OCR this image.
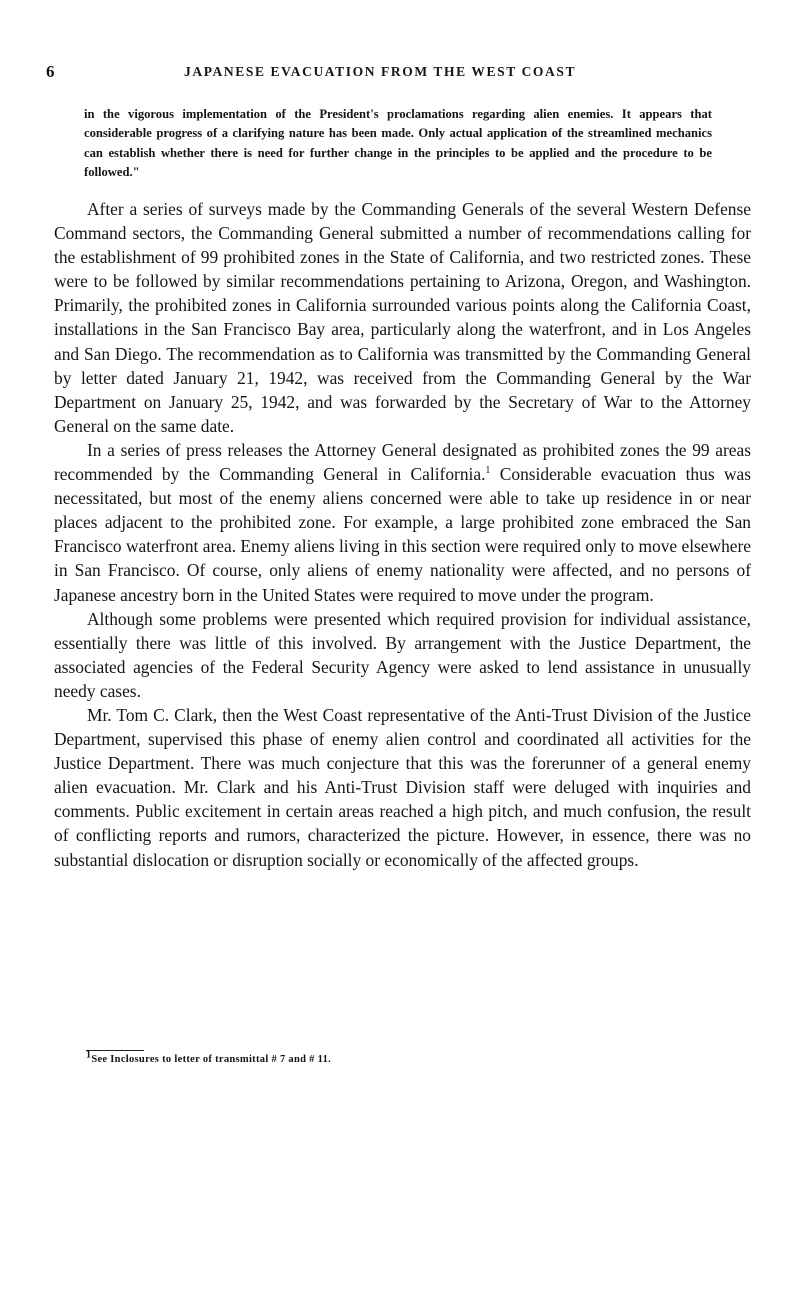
6	JAPANESE EVACUATION FROM THE WEST COAST

in the vigorous implementation of the President's proclamations regarding alien enemies. It appears that considerable progress of a clarifying nature has been made. Only actual application of the streamlined mechanics can establish whether there is need for further change in the principles to be applied and the procedure to be followed."

After a series of surveys made by the Commanding Generals of the several Western Defense Command sectors, the Commanding General submitted a number of recommendations calling for the establishment of 99 prohibited zones in the State of California, and two restricted zones. These were to be followed by similar recommendations pertaining to Arizona, Oregon, and Washington. Primarily, the prohibited zones in California surrounded various points along the California Coast, installations in the San Francisco Bay area, particularly along the waterfront, and in Los Angeles and San Diego. The recommendation as to California was transmitted by the Commanding General by letter dated January 21, 1942, was received from the Commanding General by the War Department on January 25, 1942, and was forwarded by the Secretary of War to the Attorney General on the same date.

In a series of press releases the Attorney General designated as prohibited zones the 99 areas recommended by the Commanding General in California.$^1$ Considerable evacuation thus was necessitated, but most of the enemy aliens concerned were able to take up residence in or near places adjacent to the prohibited zone. For example, a large prohibited zone embraced the San Francisco waterfront area. Enemy aliens living in this section were required only to move elsewhere in San Francisco. Of course, only aliens of enemy nationality were affected, and no persons of Japanese ancestry born in the United States were required to move under the program.

Although some problems were presented which required provision for individual assistance, essentially there was little of this involved. By arrangement with the Justice Department, the associated agencies of the Federal Security Agency were asked to lend assistance in unusually needy cases.

Mr. Tom C. Clark, then the West Coast representative of the Anti-Trust Division of the Justice Department, supervised this phase of enemy alien control and coordinated all activities for the Justice Department. There was much conjecture that this was the forerunner of a general enemy alien evacuation. Mr. Clark and his Anti-Trust Division staff were deluged with inquiries and comments. Public excitement in certain areas reached a high pitch, and much confusion, the result of conflicting reports and rumors, characterized the picture. However, in essence, there was no substantial dislocation or disruption socially or economically of the affected groups.

$^1$See Inclosures to letter of transmittal # 7 and # 11.
